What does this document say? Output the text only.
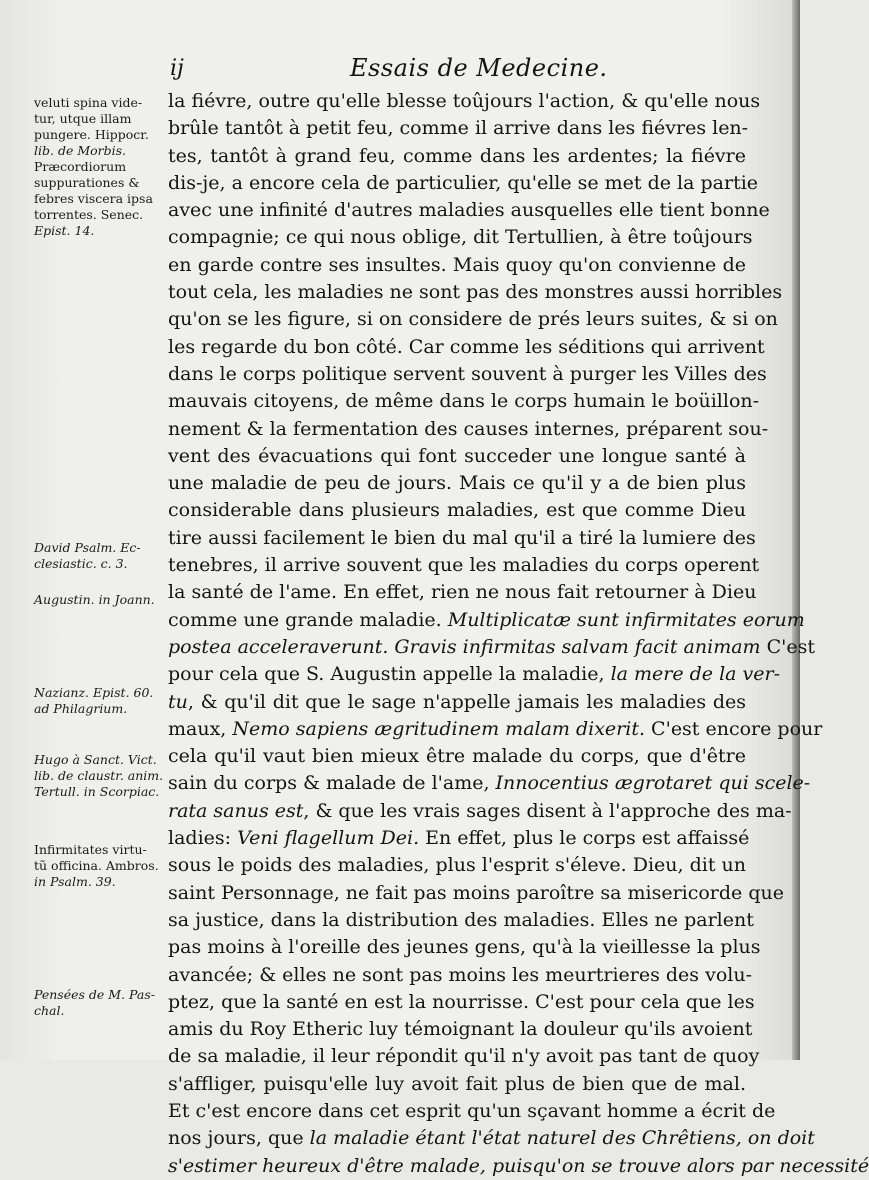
ij	Essais de Medecine.
veluti spina vide-
tur, utque illam
pungere. Hippocr.
lib. de Morbis.
Præcordiorum
suppurationes &
febres viscera ipsa
torrentes. Senec.
Epist. 14.
David Psalm. Ec-
clesiastic. c. 3.
Augustin. in Joann.
Nazianz. Epist. 60.
ad Philagrium.
Hugo à Sanct. Vict.
lib. de claustr. anim.
Tertull. in Scorpiac.
Infirmitates virtu-
tũ officina. Ambros.
in Psalm. 39.
Pensées de M. Pas-
chal.
la fiévre, outre qu'elle blesse toûjours l'action, & qu'elle nous
brûle tantôt à petit feu, comme il arrive dans les fiévres len-
tes, tantôt à grand feu, comme dans les ardentes; la fiévre
dis-je, a encore cela de particulier, qu'elle se met de la partie
avec une infinité d'autres maladies ausquelles elle tient bonne
compagnie; ce qui nous oblige, dit Tertullien, à être toûjours
en garde contre ses insultes. Mais quoy qu'on convienne de
tout cela, les maladies ne sont pas des monstres aussi horribles
qu'on se les figure, si on considere de prés leurs suites, & si on
les regarde du bon côté. Car comme les séditions qui arrivent
dans le corps politique servent souvent à purger les Villes des
mauvais citoyens, de même dans le corps humain le boüillon-
nement & la fermentation des causes internes, préparent sou-
vent des évacuations qui font succeder une longue santé à
une maladie de peu de jours. Mais ce qu'il y a de bien plus
considerable dans plusieurs maladies, est que comme Dieu
tire aussi facilement le bien du mal qu'il a tiré la lumiere des
tenebres, il arrive souvent que les maladies du corps operent
la santé de l'ame. En effet, rien ne nous fait retourner à Dieu
comme une grande maladie. Multiplicatæ sunt infirmitates eorum
postea acceleraverunt. Gravis infirmitas salvam facit animam C'est
pour cela que S. Augustin appelle la maladie, la mere de la ver-
tu, & qu'il dit que le sage n'appelle jamais les maladies des
maux, Nemo sapiens ægritudinem malam dixerit. C'est encore pour
cela qu'il vaut bien mieux être malade du corps, que d'être
sain du corps & malade de l'ame, Innocentius ægrotaret qui scele-
rata sanus est, & que les vrais sages disent à l'approche des ma-
ladies: Veni flagellum Dei. En effet, plus le corps est affaissé
sous le poids des maladies, plus l'esprit s'éleve. Dieu, dit un
saint Personnage, ne fait pas moins paroître sa misericorde que
sa justice, dans la distribution des maladies. Elles ne parlent
pas moins à l'oreille des jeunes gens, qu'à la vieillesse la plus
avancée; & elles ne sont pas moins les meurtrieres des volu-
ptez, que la santé en est la nourrisse. C'est pour cela que les
amis du Roy Etheric luy témoignant la douleur qu'ils avoient
de sa maladie, il leur répondit qu'il n'y avoit pas tant de quoy
s'affliger, puisqu'elle luy avoit fait plus de bien que de mal.
Et c'est encore dans cet esprit qu'un sçavant homme a écrit de
nos jours, que la maladie étant l'état naturel des Chrêtiens, on doit
s'estimer heureux d'être malade, puisqu'on se trouve alors par necessité
